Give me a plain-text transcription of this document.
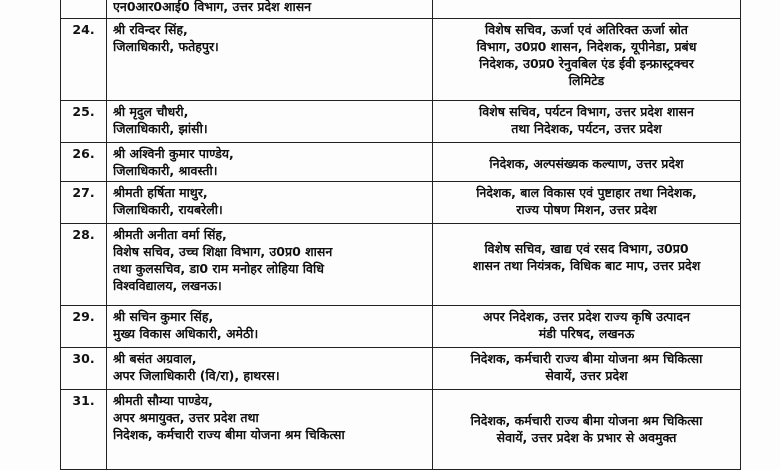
	एन0आर0आई0 विभाग, उत्तर प्रदेश शासन

24.	श्री रविन्दर सिंह,
जिलाधिकारी, फतेहपुर।	विशेष सचिव, ऊर्जा एवं अतिरिक्त ऊर्जा स्रोत
विभाग, उ0प्र0 शासन, निदेशक, यूपीनेडा, प्रबंध
निदेशक, उ0प्र0 रेनुवबिल एंड ईवी इन्फ्रास्ट्रक्चर
लिमिटेड

25.	श्री मृदुल चौधरी,
जिलाधिकारी, झांसी।	विशेष सचिव, पर्यटन विभाग, उत्तर प्रदेश शासन
तथा निदेशक, पर्यटन, उत्तर प्रदेश

26.	श्री अश्विनी कुमार पाण्डेय,
जिलाधिकारी, श्रावस्ती।	निदेशक, अल्पसंख्यक कल्याण, उत्तर प्रदेश

27.	श्रीमती हर्षिता माथुर,
जिलाधिकारी, रायबरेली।	निदेशक, बाल विकास एवं पुष्टाहार तथा निदेशक,
राज्य पोषण मिशन, उत्तर प्रदेश

28.	श्रीमती अनीता वर्मा सिंह,
विशेष सचिव, उच्च शिक्षा विभाग, उ0प्र0 शासन
तथा कुलसचिव, डा0 राम मनोहर लोहिया विधि
विश्वविद्यालय, लखनऊ।	विशेष सचिव, खाद्य एवं रसद विभाग, उ0प्र0
शासन तथा नियंत्रक, विधिक बाट माप, उत्तर प्रदेश

29.	श्री सचिन कुमार सिंह,
मुख्य विकास अधिकारी, अमेठी।	अपर निदेशक, उत्तर प्रदेश राज्य कृषि उत्पादन
मंडी परिषद, लखनऊ

30.	श्री बसंत अग्रवाल,
अपर जिलाधिकारी (वि/रा), हाथरस।	निदेशक, कर्मचारी राज्य बीमा योजना श्रम चिकित्सा
सेवायें, उत्तर प्रदेश

31.	श्रीमती सौम्या पाण्डेय,
अपर श्रमायुक्त, उत्तर प्रदेश तथा
निदेशक, कर्मचारी राज्य बीमा योजना श्रम चिकित्सा	निदेशक, कर्मचारी राज्य बीमा योजना श्रम चिकित्सा
सेवायें, उत्तर प्रदेश के प्रभार से अवमुक्त
